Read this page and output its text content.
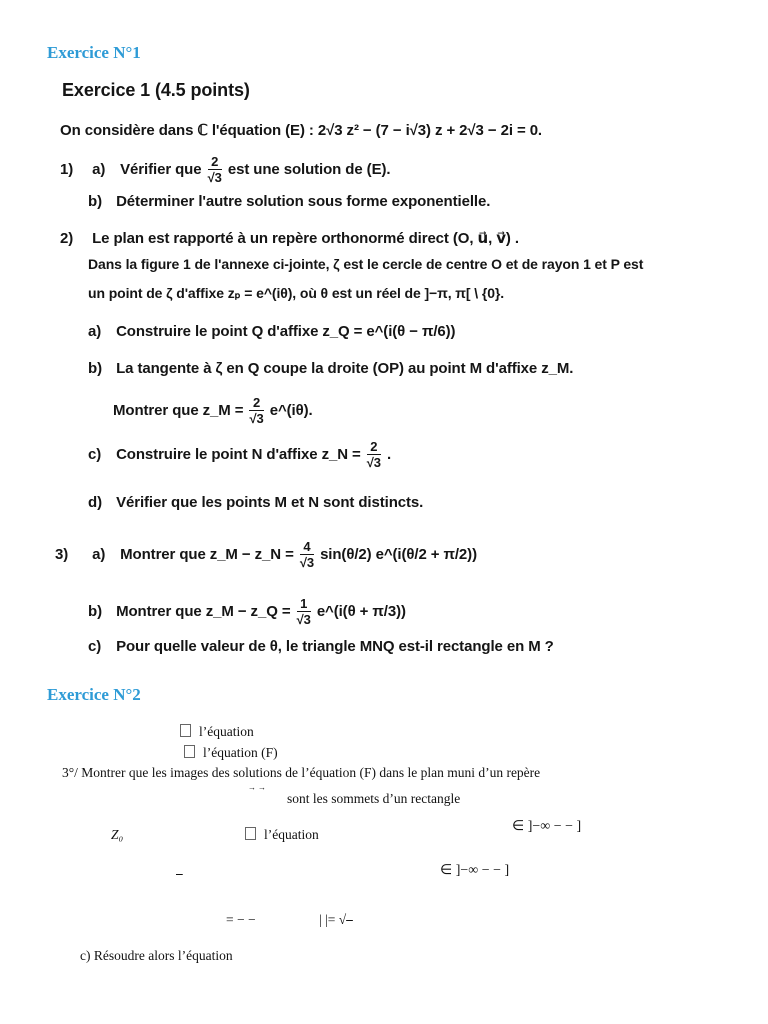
Exercice N°1
Exercice 1 (4.5 points)
On considère dans ℂ l'équation (E) : 2√3 z² − (7 − i√3) z + 2√3 − 2i = 0.
1) a) Vérifier que $\frac{2}{√3}$ est une solution de (E).
b) Déterminer l'autre solution sous forme exponentielle.
2) Le plan est rapporté à un repère orthonormé direct (O, u⃗, v⃗) .
Dans la figure 1 de l'annexe ci-jointe, ζ est le cercle de centre O et de rayon 1 et P est
un point de ζ d'affixe zₚ = e^(iθ), où θ est un réel de ]−π, π[ \ {0}.
a) Construire le point Q d'affixe z_Q = e^(i(θ − π/6))
b) La tangente à ζ en Q coupe la droite (OP) au point M d'affixe z_M.
Montrer que z_M = $\frac{2}{√3}$ e^(iθ).
c) Construire le point N d'affixe z_N = $\frac{2}{√3}$ .
d) Vérifier que les points M et N sont distincts.
3) a) Montrer que z_M − z_N = $\frac{4}{√3} \sin(\theta/2)$ e^(i(θ/2 + π/2))
b) Montrer que z_M − z_Q = $\frac{1}{√3}$ e^(i(θ + π/3))
c) Pour quelle valeur de θ, le triangle MNQ est-il rectangle en M ?
Exercice N°2
l’équation
l’équation (F)
3°/ Montrer que les images des solutions de l’équation (F) dans le plan muni d’un repère
→ →
sont les sommets d’un rectangle
Z₀	l’équation
∈ ]−∞ − − ]
⎯	∈ ]−∞ − − ]
= − −	| |= √⎯
c) Résoudre alors l’équation
